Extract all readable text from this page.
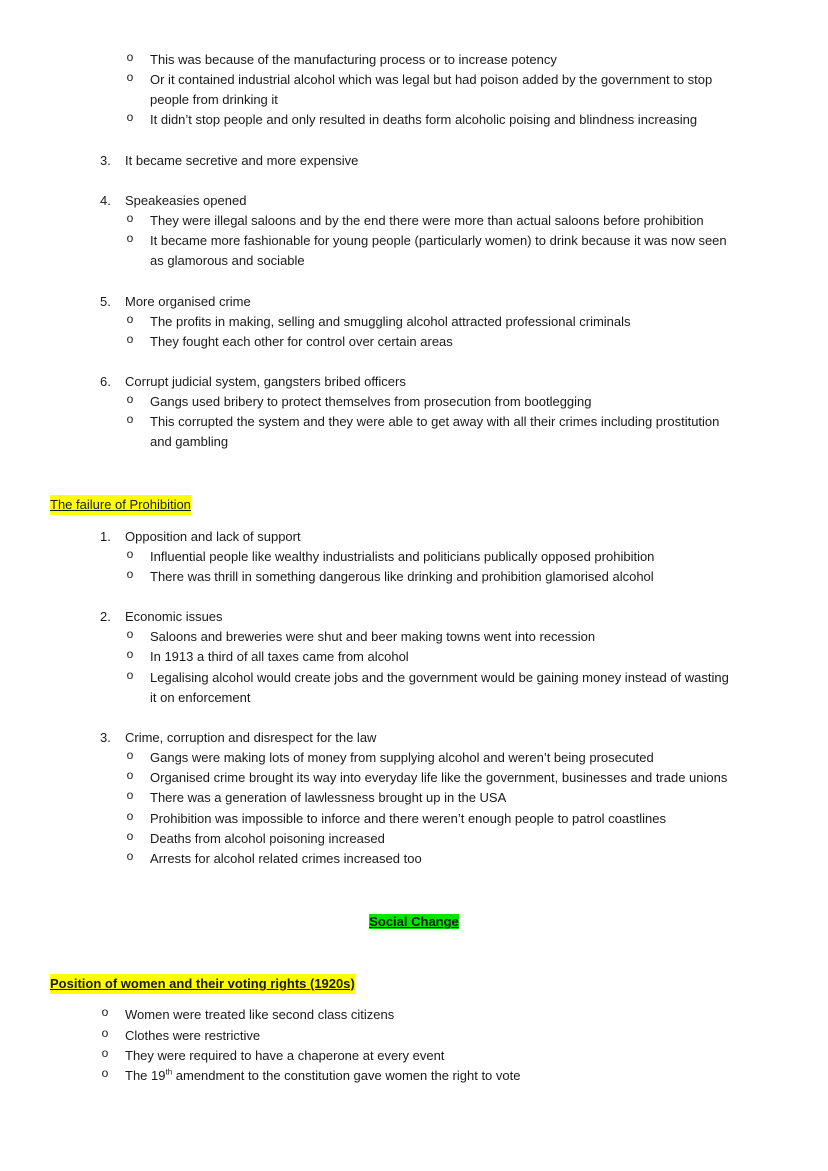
o	This was because of the manufacturing process or to increase potency
o	Or it contained industrial alcohol which was legal but had poison added by the government to stop
people from drinking it
o	It didn’t stop people and only resulted in deaths form alcoholic poising and blindness increasing
3. It became secretive and more expensive
4. Speakeasies opened
o	They were illegal saloons and by the end there were more than actual saloons before prohibition
o	It became more fashionable for young people (particularly women) to drink because it was now seen
as glamorous and sociable
5. More organised crime
o	The profits in making, selling and smuggling alcohol attracted professional criminals
o	They fought each other for control over certain areas
6. Corrupt judicial system, gangsters bribed officers
o	Gangs used bribery to protect themselves from prosecution from bootlegging
o	This corrupted the system and they were able to get away with all their crimes including prostitution
and gambling
The failure of Prohibition
1. Opposition and lack of support
o	Influential people like wealthy industrialists and politicians publically opposed prohibition
o	There was thrill in something dangerous like drinking and prohibition glamorised alcohol
2. Economic issues
o	Saloons and breweries were shut and beer making towns went into recession
o	In 1913 a third of all taxes came from alcohol
o	Legalising alcohol would create jobs and the government would be gaining money instead of wasting
it on enforcement
3. Crime, corruption and disrespect for the law
o	Gangs were making lots of money from supplying alcohol and weren’t being prosecuted
o	Organised crime brought its way into everyday life like the government, businesses and trade unions
o	There was a generation of lawlessness brought up in the USA
o	Prohibition was impossible to inforce and there weren’t enough people to patrol coastlines
o	Deaths from alcohol poisoning increased
o	Arrests for alcohol related crimes increased too
Social Change
Position of women and their voting rights (1920s)
o	Women were treated like second class citizens
o	Clothes were restrictive
o	They were required to have a chaperone at every event
o	The 19th amendment to the constitution gave women the right to vote
